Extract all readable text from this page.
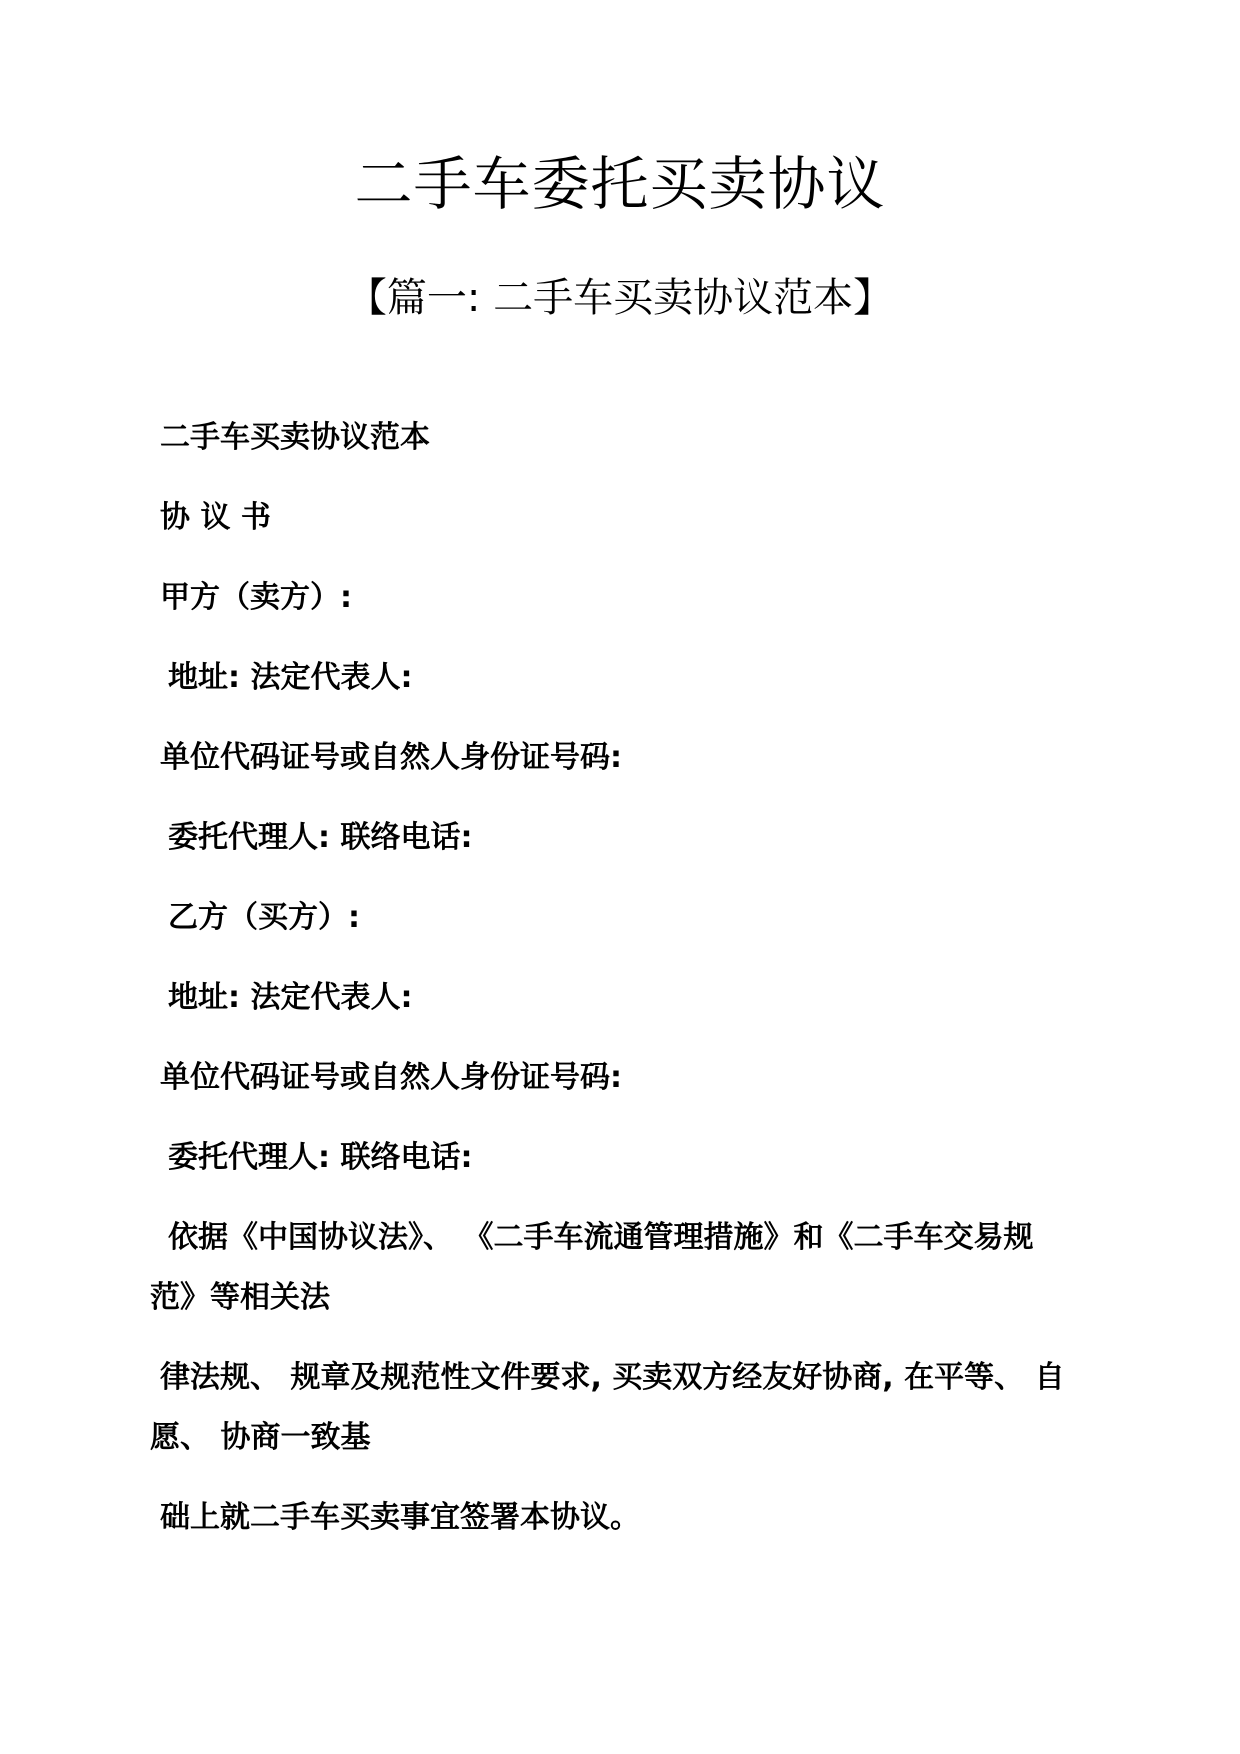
二手车委托买卖协议
【篇一: 二手车买卖协议范本】

二手车买卖协议范本

协 议 书

甲方（卖方）:

地址: 法定代表人:

单位代码证号或自然人身份证号码:

委托代理人: 联络电话:

乙方（买方）:

地址: 法定代表人:

单位代码证号或自然人身份证号码:

委托代理人: 联络电话:

依据《中国协议法》、 《二手车流通管理措施》和《二手车交易规

范》等相关法

律法规、 规章及规范性文件要求, 买卖双方经友好协商, 在平等、 自

愿、 协商一致基

础上就二手车买卖事宜签署本协议。
